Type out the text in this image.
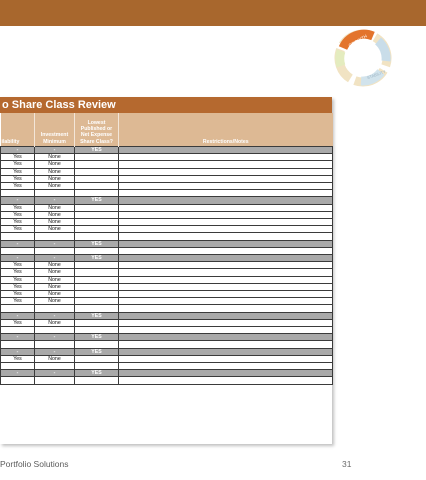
GROWTH
STABILITY
o Share Class Review
ilability	Investment Minimum	Lowest Published or Net Expense Share Class?	Restrictions/Notes
-	-	YES	
Yes	None		
Yes	None		
Yes	None		
Yes	None		
Yes	None		

-	-	YES	
Yes	None		
Yes	None		
Yes	None		
Yes	None		

-	-	YES	

-	-	YES	
Yes	None		
Yes	None		
Yes	None		
Yes	None		
Yes	None		
Yes	None		

-	-	YES	
Yes	None		

-	-	YES	

-	-	YES	
Yes	None		

-	-	YES	

Portfolio Solutions	31
